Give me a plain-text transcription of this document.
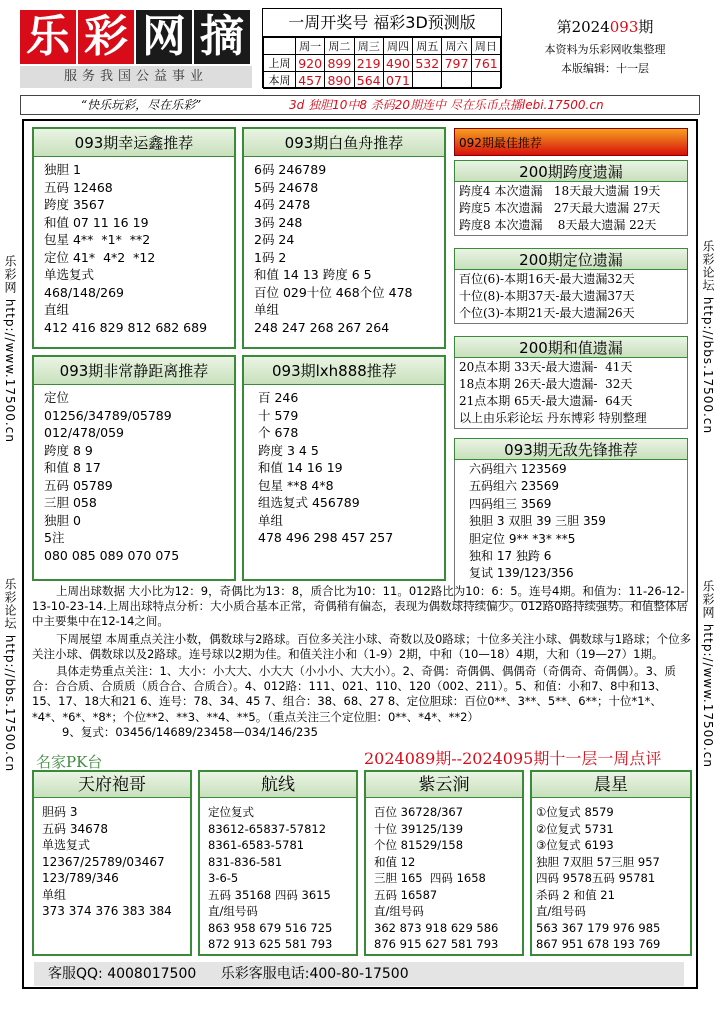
乐 彩 网 摘
服务我国公益事业
一周开奖号 福彩3D预测版
	周一	周二	周三	周四	周五	周六	周日
上周	920	899	219	490	532	797	761
本周	457	890	564	071			
第2024093期
本资料为乐彩网收集整理
本版编辑：十一层
“快乐玩彩，尽在乐彩”	3d 独胆10中8 杀码20期连中 尽在乐币点播lebi.17500.cn
093期幸运鑫推荐
独胆 1
五码 12468
跨度 3567
和值 07 11 16 19
包星 4**  *1*  **2
定位 41*  4*2  *12
单选复式
468/148/269
直组
412 416 829 812 682 689
093期白鱼舟推荐
6码 246789
5码 24678
4码 2478
3码 248
2码 24
1码 2
和值 14 13 跨度 6 5
百位 029十位 468个位 478
单组
248 247 268 267 264
093期非常静距离推荐
定位
01256/34789/05789
012/478/059
跨度 8 9
和值 8 17
五码 05789
三胆 058
独胆 0
5注
080 085 089 070 075
093期lxh888推荐
百 246
十 579
个 678
跨度 3 4 5
和值 14 16 19
包星 **8 4*8
组选复式 456789
单组
478 496 298 457 257
092期最佳推荐
200期跨度遗漏
跨度4 本次遗漏   18天最大遗漏 19天
跨度5 本次遗漏   27天最大遗漏 27天
跨度8 本次遗漏    8天最大遗漏 22天
200期定位遗漏
百位(6)-本期16天-最大遗漏32天
十位(8)-本期37天-最大遗漏37天
个位(3)-本期21天-最大遗漏26天
200期和值遗漏
20点本期 33天-最大遗漏-  41天
18点本期 26天-最大遗漏-  32天
21点本期 65天-最大遗漏-  64天
以上由乐彩论坛 丹东博彩 特别整理
093期无敌先锋推荐
六码组六 123569
五码组六 23569
四码组三 3569
独胆 3 双胆 39 三胆 359
胆定位 9** *3* **5
独和 17 独跨 6
复试 139/123/356

上周出球数据 大小比为12：9，奇偶比为13：8，质合比为10：11。012路比为10：6：5。连号4期。和值为：11-26-12-13-10-23-14.上周出球特点分析：大小质合基本正常，奇偶稍有偏态，表现为偶数球持续偏少。012路0路持续强势。和值整体居中主要集中在12-14之间。

下周展望 本周重点关注小数，偶数球与2路球。百位多关注小球、奇数以及0路球；十位多关注小球、偶数球与1路球；个位多关注小球、偶数球以及2路球。连号球以2期为佳。和值关注小和（1-9）2期，中和（10—18）4期，大和（19—27）1期。

具体走势重点关注：1、大小：小大大、小大大（小小小、大大小）。2、奇偶：奇偶偶、偶偶奇（奇偶奇、奇偶偶）。3、质合：合合质、合质质（质合合、合质合）。4、012路：111、021、110、120（002、211）。5、和值：小和7、8中和13、15、17、18大和21 6、连号：78、34、45 7、组合：38、68、27 8、定位胆球：百位0**、3**、5**、6**；十位*1*、*4*、*6*、*8*；个位**2、**3、**4、**5。（重点关注三个定位胆：0**、*4*、**2）

9、复式：03456/14689/23458—034/146/235

名家PK台	2024089期--2024095期十一层一周点评
天府袍哥
胆码 3
五码 34678
单选复式
12367/25789/03467
123/789/346
单组
373 374 376 383 384
航线
定位复式
83612-65837-57812
8361-6583-5781
831-836-581
3-6-5
五码 35168 四码 3615
直/组号码
863 958 679 516 725
872 913 625 581 793
紫云涧
百位 36728/367
十位 39125/139
个位 81529/158
和值 12
三胆 165  四码 1658
五码 16587
直/组号码
362 873 918 629 586
876 915 627 581 793
晨星
①位复式 8579
②位复式 5731
③位复式 6193
独胆 7双胆 57三胆 957
四码 9578五码 95781
杀码 2 和值 21
直/组号码
563 367 179 976 985
867 951 678 193 769
客服QQ: 4008017500 乐彩客服电话:400-80-17500
乐彩网 http://www.17500.cn
乐彩论坛 http://bbs.17500.cn
乐彩论坛 http://bbs.17500.cn
乐彩网 http://www.17500.cn
